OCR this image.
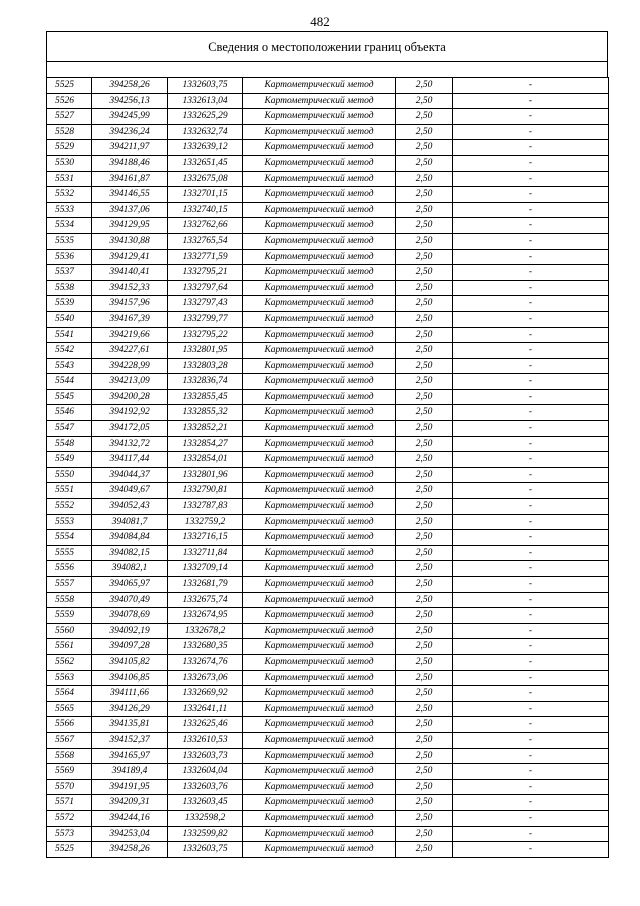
482
Сведения о местоположении границ объекта
5525	394258,26	1332603,75	Картометрический метод	2,50	-
5526	394256,13	1332613,04	Картометрический метод	2,50	-
5527	394245,99	1332625,29	Картометрический метод	2,50	-
5528	394236,24	1332632,74	Картометрический метод	2,50	-
5529	394211,97	1332639,12	Картометрический метод	2,50	-
5530	394188,46	1332651,45	Картометрический метод	2,50	-
5531	394161,87	1332675,08	Картометрический метод	2,50	-
5532	394146,55	1332701,15	Картометрический метод	2,50	-
5533	394137,06	1332740,15	Картометрический метод	2,50	-
5534	394129,95	1332762,66	Картометрический метод	2,50	-
5535	394130,88	1332765,54	Картометрический метод	2,50	-
5536	394129,41	1332771,59	Картометрический метод	2,50	-
5537	394140,41	1332795,21	Картометрический метод	2,50	-
5538	394152,33	1332797,64	Картометрический метод	2,50	-
5539	394157,96	1332797,43	Картометрический метод	2,50	-
5540	394167,39	1332799,77	Картометрический метод	2,50	-
5541	394219,66	1332795,22	Картометрический метод	2,50	-
5542	394227,61	1332801,95	Картометрический метод	2,50	-
5543	394228,99	1332803,28	Картометрический метод	2,50	-
5544	394213,09	1332836,74	Картометрический метод	2,50	-
5545	394200,28	1332855,45	Картометрический метод	2,50	-
5546	394192,92	1332855,32	Картометрический метод	2,50	-
5547	394172,05	1332852,21	Картометрический метод	2,50	-
5548	394132,72	1332854,27	Картометрический метод	2,50	-
5549	394117,44	1332854,01	Картометрический метод	2,50	-
5550	394044,37	1332801,96	Картометрический метод	2,50	-
5551	394049,67	1332790,81	Картометрический метод	2,50	-
5552	394052,43	1332787,83	Картометрический метод	2,50	-
5553	394081,7	1332759,2	Картометрический метод	2,50	-
5554	394084,84	1332716,15	Картометрический метод	2,50	-
5555	394082,15	1332711,84	Картометрический метод	2,50	-
5556	394082,1	1332709,14	Картометрический метод	2,50	-
5557	394065,97	1332681,79	Картометрический метод	2,50	-
5558	394070,49	1332675,74	Картометрический метод	2,50	-
5559	394078,69	1332674,95	Картометрический метод	2,50	-
5560	394092,19	1332678,2	Картометрический метод	2,50	-
5561	394097,28	1332680,35	Картометрический метод	2,50	-
5562	394105,82	1332674,76	Картометрический метод	2,50	-
5563	394106,85	1332673,06	Картометрический метод	2,50	-
5564	394111,66	1332669,92	Картометрический метод	2,50	-
5565	394126,29	1332641,11	Картометрический метод	2,50	-
5566	394135,81	1332625,46	Картометрический метод	2,50	-
5567	394152,37	1332610,53	Картометрический метод	2,50	-
5568	394165,97	1332603,73	Картометрический метод	2,50	-
5569	394189,4	1332604,04	Картометрический метод	2,50	-
5570	394191,95	1332603,76	Картометрический метод	2,50	-
5571	394209,31	1332603,45	Картометрический метод	2,50	-
5572	394244,16	1332598,2	Картометрический метод	2,50	-
5573	394253,04	1332599,82	Картометрический метод	2,50	-
5525	394258,26	1332603,75	Картометрический метод	2,50	-
